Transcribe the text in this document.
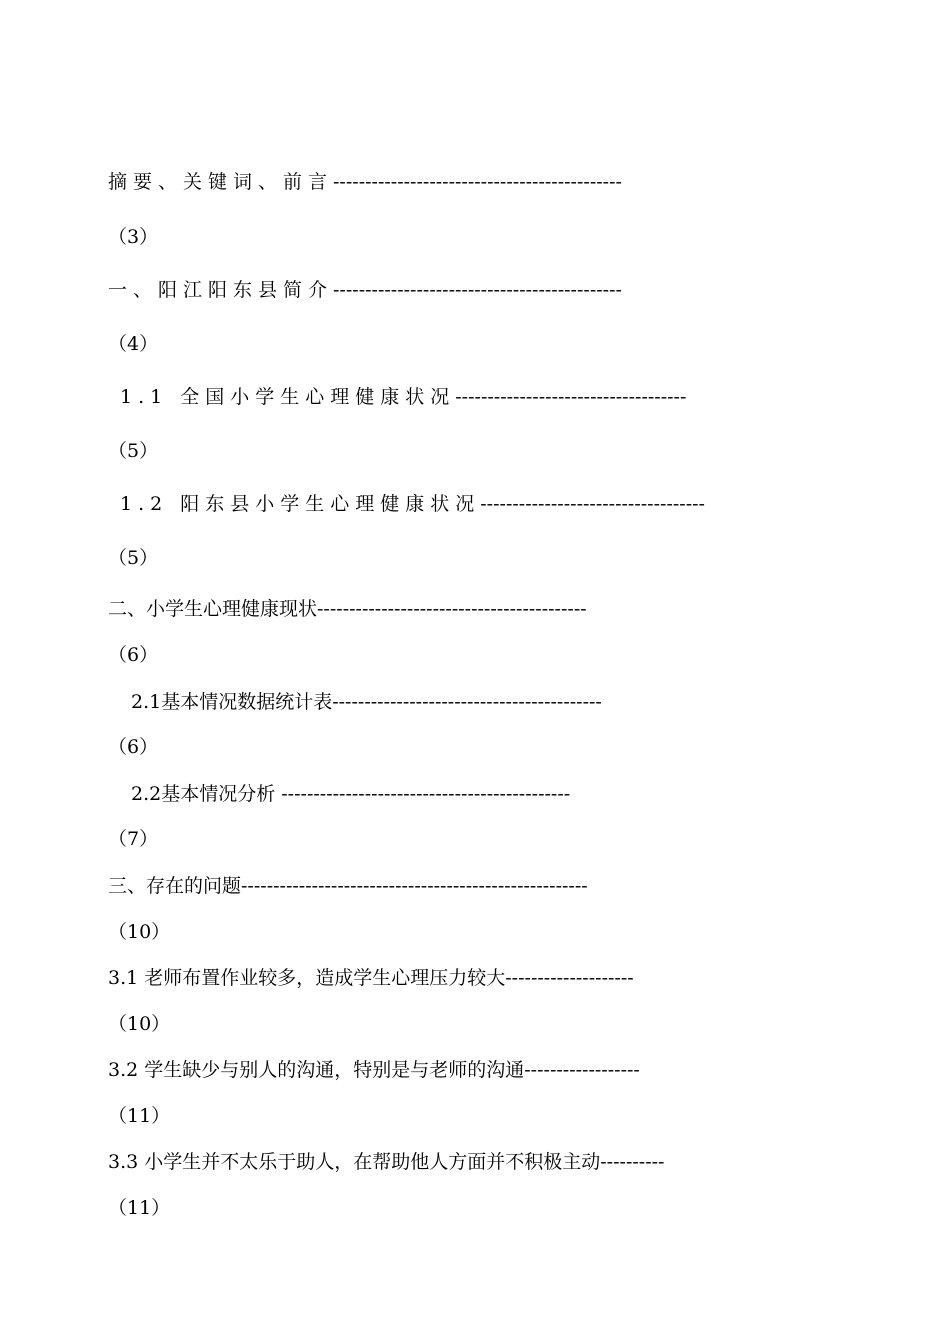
摘要、关键词、前言---------------------------------------------
（3）
一、阳江阳东县简介---------------------------------------------
（4）
1.1 全国小学生心理健康状况------------------------------------
（5）
1.2 阳东县小学生心理健康状况-----------------------------------
（5）
二、小学生心理健康现状------------------------------------------
（6）
2.1基本情况数据统计表------------------------------------------
（6）
2.2基本情况分析 ---------------------------------------------
（7）
三、存在的问题------------------------------------------------------
（10）
3.1 老师布置作业较多，造成学生心理压力较大--------------------
（10）
3.2 学生缺少与别人的沟通，特别是与老师的沟通------------------
（11）
3.3 小学生并不太乐于助人，在帮助他人方面并不积极主动----------
（11）
